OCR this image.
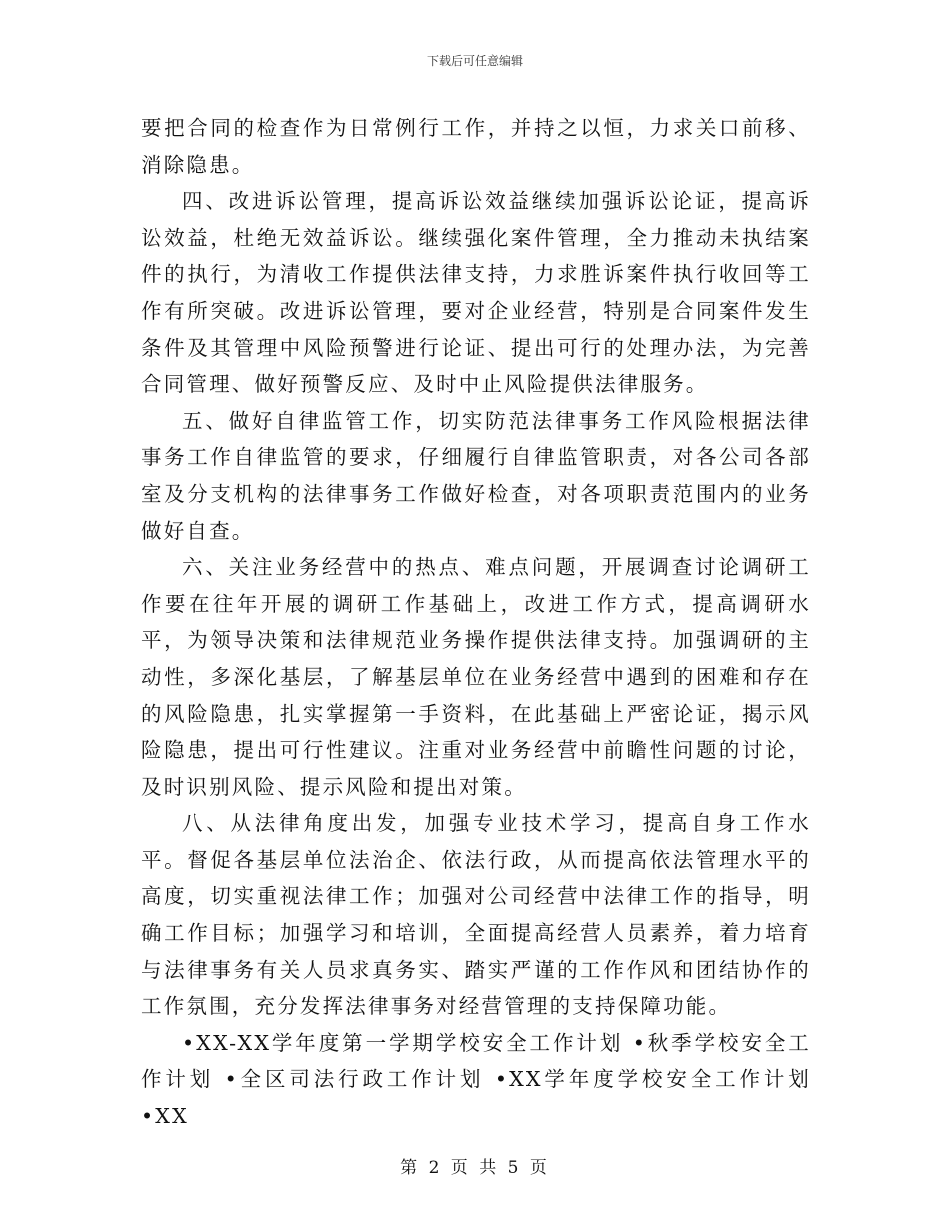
下载后可任意编辑

要把合同的检查作为日常例行工作，并持之以恒，力求关口前移、消除隐患。

四、改进诉讼管理，提高诉讼效益继续加强诉讼论证，提高诉讼效益，杜绝无效益诉讼。继续强化案件管理，全力推动未执结案件的执行，为清收工作提供法律支持，力求胜诉案件执行收回等工作有所突破。改进诉讼管理，要对企业经营，特别是合同案件发生条件及其管理中风险预警进行论证、提出可行的处理办法，为完善合同管理、做好预警反应、及时中止风险提供法律服务。

五、做好自律监管工作，切实防范法律事务工作风险根据法律事务工作自律监管的要求，仔细履行自律监管职责，对各公司各部室及分支机构的法律事务工作做好检查，对各项职责范围内的业务做好自查。

六、关注业务经营中的热点、难点问题，开展调查讨论调研工作要在往年开展的调研工作基础上，改进工作方式，提高调研水平，为领导决策和法律规范业务操作提供法律支持。加强调研的主动性，多深化基层，了解基层单位在业务经营中遇到的困难和存在的风险隐患，扎实掌握第一手资料，在此基础上严密论证，揭示风险隐患，提出可行性建议。注重对业务经营中前瞻性问题的讨论，及时识别风险、提示风险和提出对策。

八、从法律角度出发，加强专业技术学习，提高自身工作水平。督促各基层单位法治企、依法行政，从而提高依法管理水平的高度，切实重视法律工作；加强对公司经营中法律工作的指导，明确工作目标；加强学习和培训，全面提高经营人员素养，着力培育与法律事务有关人员求真务实、踏实严谨的工作作风和团结协作的工作氛围，充分发挥法律事务对经营管理的支持保障功能。

•XX-XX学年度第一学期学校安全工作计划 •秋季学校安全工作计划 •全区司法行政工作计划 •XX学年度学校安全工作计划 •XX

第 2 页 共 5 页
